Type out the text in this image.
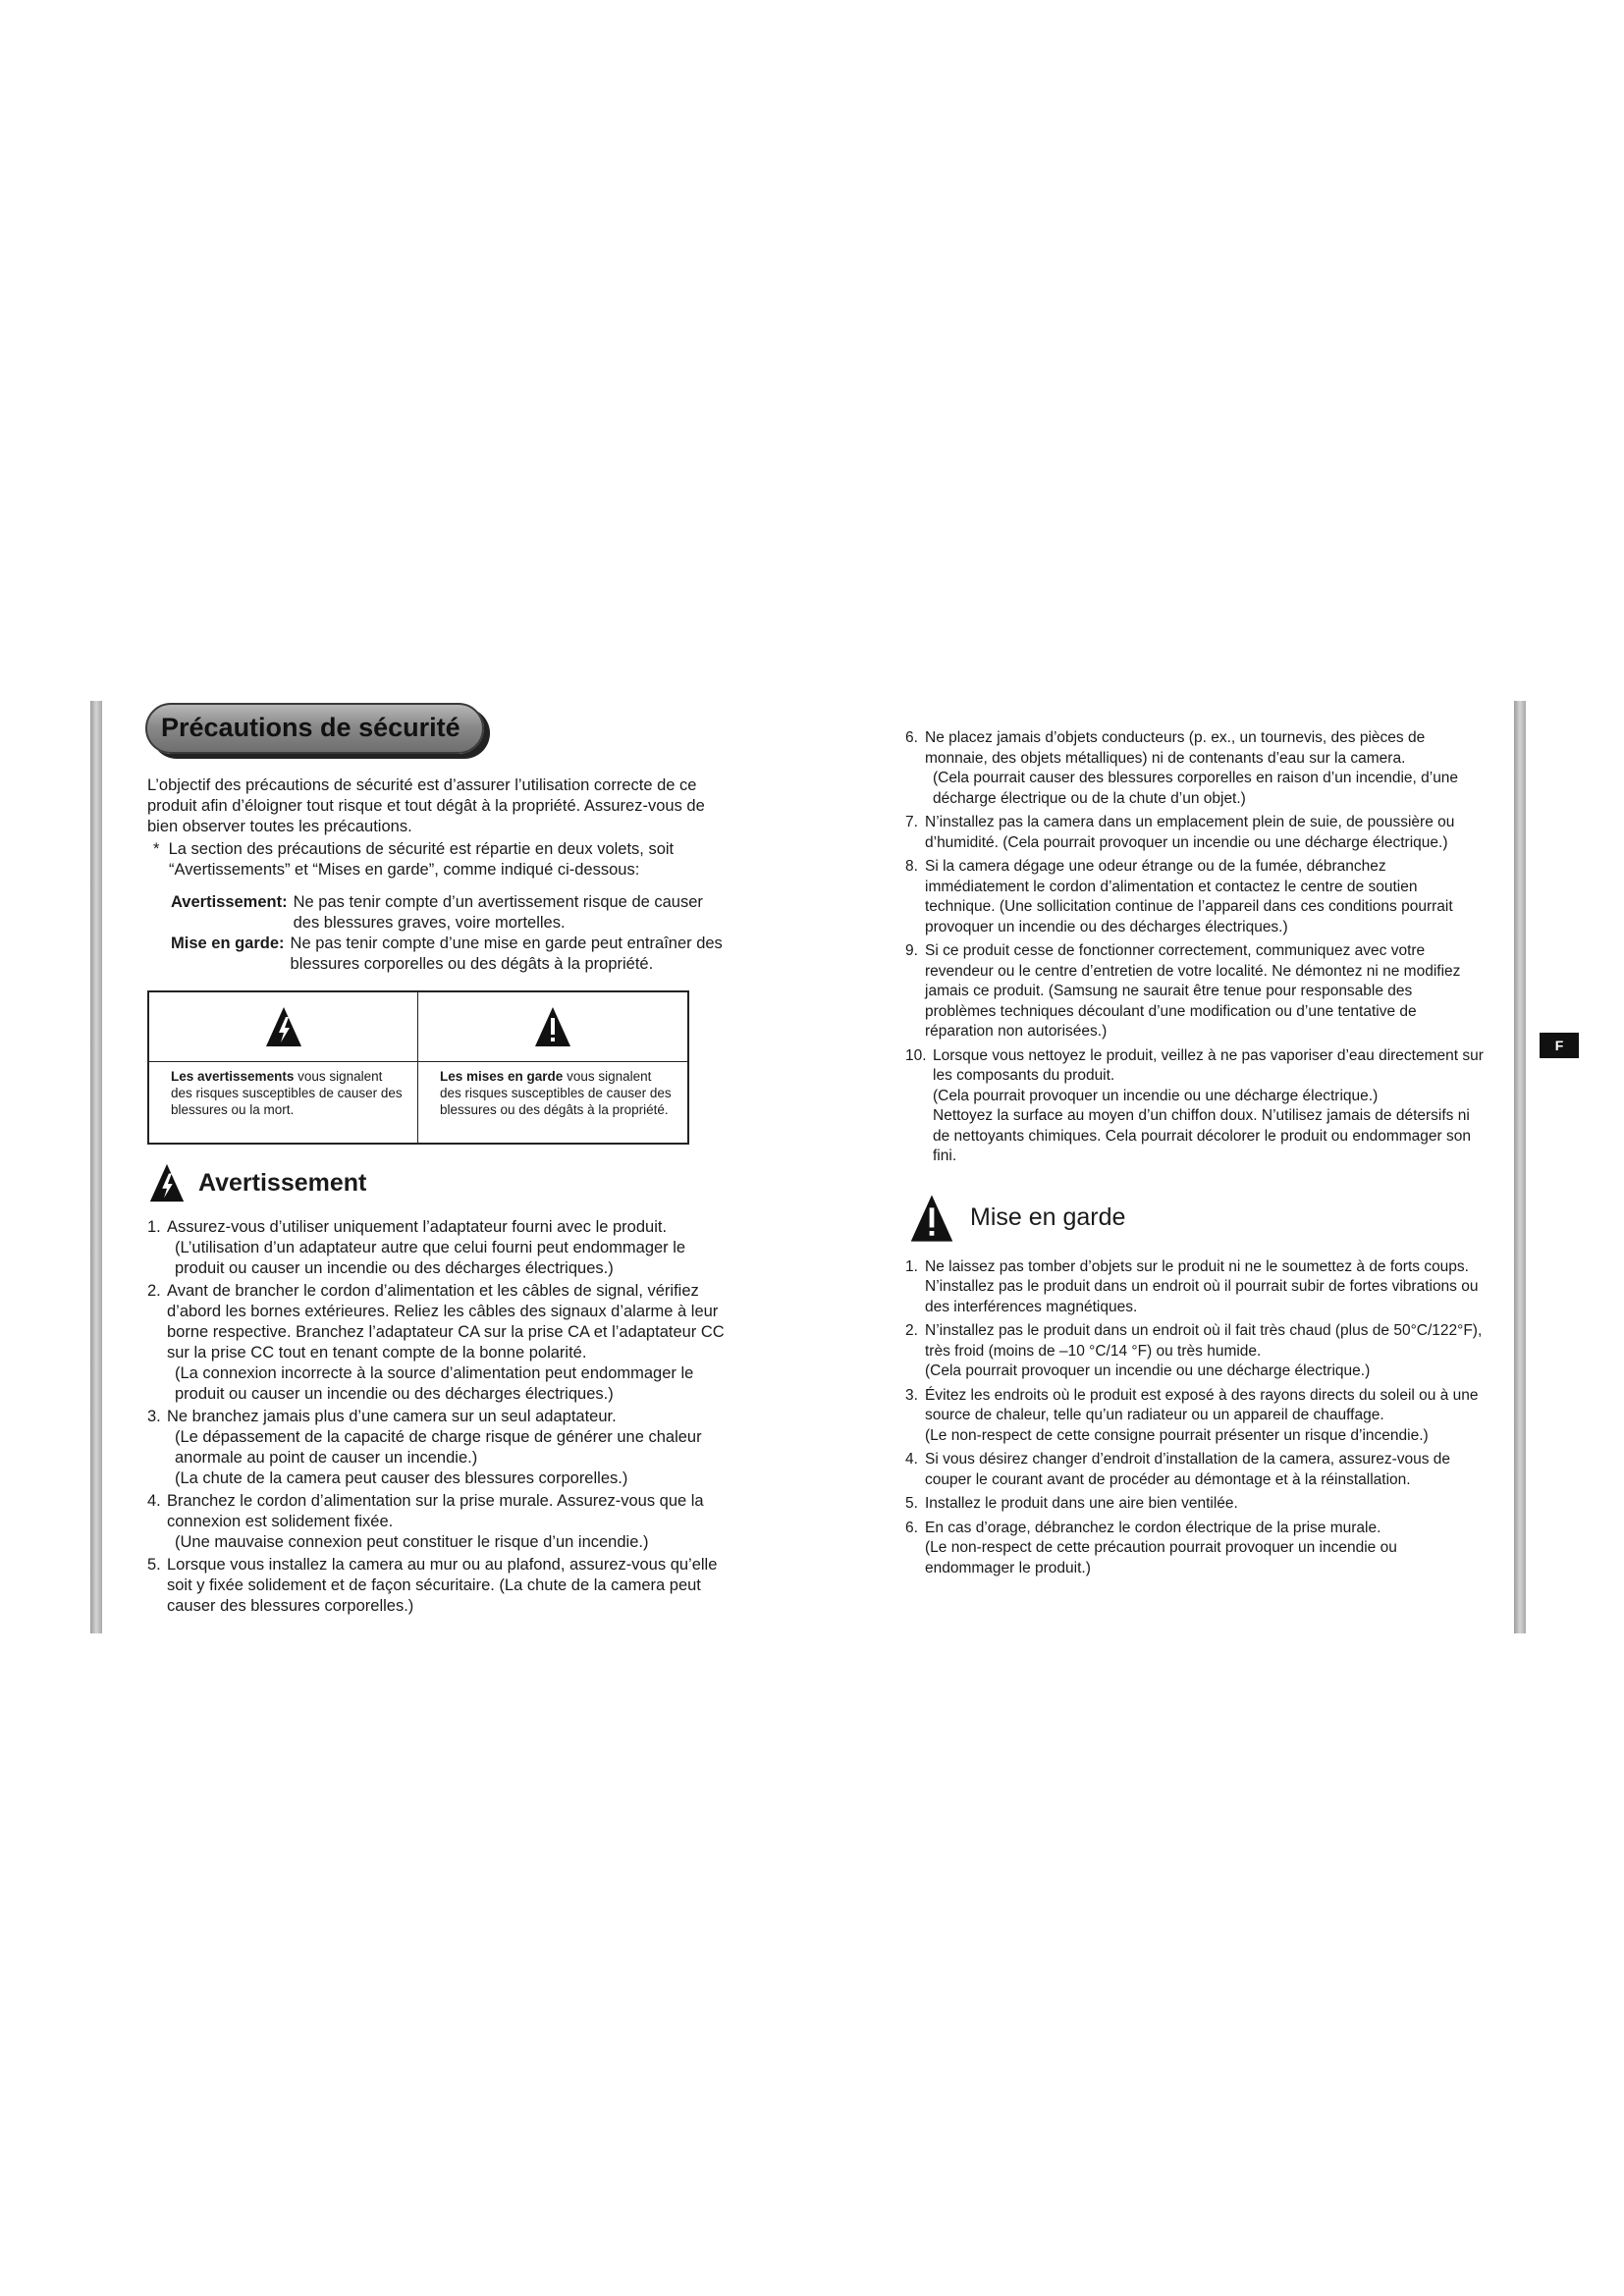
Précautions de sécurité

L’objectif des précautions de sécurité est d’assurer l’utilisation correcte de ce produit afin d’éloigner tout risque et tout dégât à la propriété. Assurez-vous de bien observer toutes les précautions.

* La section des précautions de sécurité est répartie en deux volets, soit “Avertissements” et “Mises en garde”, comme indiqué ci-dessous:

Avertissement: Ne pas tenir compte d’un avertissement risque de causer des blessures graves, voire mortelles.
Mise en garde: Ne pas tenir compte d’une mise en garde peut entraîner des blessures corporelles ou des dégâts à la propriété.
Les avertissements vous signalent des risques susceptibles de causer des blessures ou la mort.
Les mises en garde vous signalent des risques susceptibles de causer des blessures ou des dégâts à la propriété.
Avertissement
1. Assurez-vous d’utiliser uniquement l’adaptateur fourni avec le produit.
(L’utilisation d’un adaptateur autre que celui fourni peut endommager le produit ou causer un incendie ou des décharges électriques.)
2. Avant de brancher le cordon d’alimentation et les câbles de signal, vérifiez d’abord les bornes extérieures. Reliez les câbles des signaux d’alarme à leur borne respective. Branchez l’adaptateur CA sur la prise CA et l’adaptateur CC sur la prise CC tout en tenant compte de la bonne polarité.
(La connexion incorrecte à la source d’alimentation peut endommager le produit ou causer un incendie ou des décharges électriques.)
3. Ne branchez jamais plus d’une camera sur un seul adaptateur.
(Le dépassement de la capacité de charge risque de générer une chaleur anormale au point de causer un incendie.)
(La chute de la camera peut causer des blessures corporelles.)
4. Branchez le cordon d’alimentation sur la prise murale. Assurez-vous que la connexion est solidement fixée.
(Une mauvaise connexion peut constituer le risque d’un incendie.)
5. Lorsque vous installez la camera au mur ou au plafond, assurez-vous qu’elle soit y fixée solidement et de façon sécuritaire. (La chute de la camera peut causer des blessures corporelles.)
6. Ne placez jamais d’objets conducteurs (p. ex., un tournevis, des pièces de monnaie, des objets métalliques) ni de contenants d’eau sur la camera.
(Cela pourrait causer des blessures corporelles en raison d’un incendie, d’une décharge électrique ou de la chute d’un objet.)
7. N’installez pas la camera dans un emplacement plein de suie, de poussière ou d’humidité. (Cela pourrait provoquer un incendie ou une décharge électrique.)
8. Si la camera dégage une odeur étrange ou de la fumée, débranchez immédiatement le cordon d’alimentation et contactez le centre de soutien technique. (Une sollicitation continue de l’appareil dans ces conditions pourrait provoquer un incendie ou des décharges électriques.)
9. Si ce produit cesse de fonctionner correctement, communiquez avec votre revendeur ou le centre d’entretien de votre localité. Ne démontez ni ne modifiez jamais ce produit. (Samsung ne saurait être tenue pour responsable des problèmes techniques découlant d’une modification ou d’une tentative de réparation non autorisées.)
10. Lorsque vous nettoyez le produit, veillez à ne pas vaporiser d’eau directement sur les composants du produit.
(Cela pourrait provoquer un incendie ou une décharge électrique.)
Nettoyez la surface au moyen d’un chiffon doux. N’utilisez jamais de détersifs ni de nettoyants chimiques. Cela pourrait décolorer le produit ou endommager son fini.
Mise en garde
1. Ne laissez pas tomber d’objets sur le produit ni ne le soumettez à de forts coups. N’installez pas le produit dans un endroit où il pourrait subir de fortes vibrations ou des interférences magnétiques.
2. N’installez pas le produit dans un endroit où il fait très chaud (plus de 50°C/122°F), très froid (moins de –10 °C/14 °F) ou très humide.
(Cela pourrait provoquer un incendie ou une décharge électrique.)
3. Évitez les endroits où le produit est exposé à des rayons directs du soleil ou à une source de chaleur, telle qu’un radiateur ou un appareil de chauffage.
(Le non-respect de cette consigne pourrait présenter un risque d’incendie.)
4. Si vous désirez changer d’endroit d’installation de la camera, assurez-vous de couper le courant avant de procéder au démontage et à la réinstallation.
5. Installez le produit dans une aire bien ventilée.
6. En cas d’orage, débranchez le cordon électrique de la prise murale.
(Le non-respect de cette précaution pourrait provoquer un incendie ou endommager le produit.)
F
